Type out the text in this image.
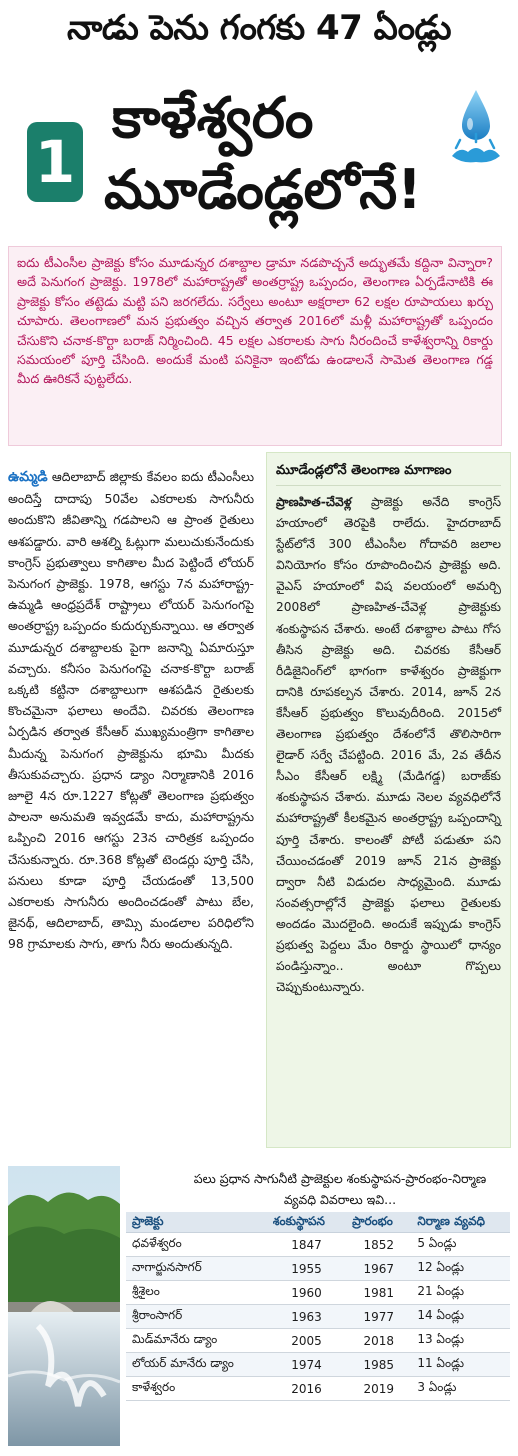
నాడు పెను గంగకు 47 ఏండ్లు
1
కాళేశ్వరం
మూడేండ్లలోనే!

ఐదు టీఎంసీల ప్రాజెక్టు కోసం మూడున్నర దశాబ్దాల డ్రామా నడపొచ్చనే అద్భుతమే కద్దినా విన్నారా? అదే పెనుగంగ ప్రాజెక్టు. 1978లో మహారాష్ట్రతో అంతర్రాష్ట్ర ఒప్పందం, తెలంగాణ ఏర్పడేనాటికి ఈ ప్రాజెక్టు కోసం తట్టెడు మట్టి పని జరగలేదు. సర్వేలు అంటూ అక్షరాలా 62 లక్షల రూపాయలు ఖర్చు చూపారు. తెలంగాణలో మన ప్రభుత్వం వచ్చిన తర్వాత 2016లో మళ్లీ మహారాష్ట్రతో ఒప్పందం చేసుకొని చనాక-కొర్టా బరాజ్ నిర్మించింది. 45 లక్షల ఎకరాలకు సాగు నీరందించే కాళేశ్వరాన్ని రికార్డు సమయంలో పూర్తి చేసింది. అందుకే మంటి పనికైనా ఇంటోడు ఉండాలనే సామెత తెలంగాణ గడ్డ మీద ఊరికనే పుట్టలేదు.

ఉమ్మడి ఆదిలాబాద్ జిల్లాకు కేవలం ఐదు టీఎంసీలు అందిస్తే దాదాపు 50వేల ఎకరాలకు సాగునీరు అందుకొని జీవితాన్ని గడపాలని ఆ ప్రాంత రైతులు ఆశపడ్డారు. వారి ఆశల్ని ఓట్లుగా మలుచుకునేందుకు కాంగ్రెస్ ప్రభుత్వాలు కాగితాల మీద పెట్టిందే లోయర్ పెనుగంగ ప్రాజెక్టు. 1978, ఆగస్టు 7న మహారాష్ట్ర-ఉమ్మడి ఆంధ్రప్రదేశ్ రాష్ట్రాలు లోయర్ పెనుగంగపై అంతర్రాష్ట్ర ఒప్పందం కుదుర్చుకున్నాయి. ఆ తర్వాత మూడున్నర దశాబ్దాలకు పైగా జనాన్ని ఏమారుస్తూ వచ్చారు. కనీసం పెనుగంగపై చనాక-కొర్టా బరాజ్ ఒక్కటి కట్టినా దశాబ్దాలుగా ఆశపడిన రైతులకు కొంచమైనా ఫలాలు అందేవి. చివరకు తెలంగాణ ఏర్పడిన తర్వాత కేసీఆర్ ముఖ్యమంత్రిగా కాగితాల మీదున్న పెనుగంగ ప్రాజెక్టును భూమి మీదకు తీసుకువచ్చారు. ప్రధాన డ్యాం నిర్మాణానికి 2016 జూలై 4న రూ.1227 కోట్లతో తెలంగాణ ప్రభుత్వం పాలనా అనుమతి ఇవ్వడమే కాదు, మహారాష్ట్రను ఒప్పించి 2016 ఆగస్టు 23న చారిత్రక ఒప్పందం చేసుకున్నారు. రూ.368 కోట్లతో టెండర్లు పూర్తి చేసి, పనులు కూడా పూర్తి చేయడంతో 13,500 ఎకరాలకు సాగునీరు అందించడంతో పాటు బేల, జైనథ్, ఆదిలాబాద్, తామ్సి మండలాల పరిధిలోని 98 గ్రామాలకు సాగు, తాగు నీరు అందుతున్నది.

మూడేండ్లలోనే తెలంగాణ మాగాణం

ప్రాణహిత-చేవెళ్ల ప్రాజెక్టు అనేది కాంగ్రెస్ హయాంలో తెరపైకి రాలేదు. హైదరాబాద్ స్టేట్‌లోనే 300 టీఎంసీల గోదావరి జలాల వినియోగం కోసం రూపొందించిన ప్రాజెక్టు అది. వైఎస్ హయాంలో విష వలయంలో అమర్చి 2008లో ప్రాణహిత-చేవెళ్ల ప్రాజెక్టుకు శంకుస్థాపన చేశారు. అంటే దశాబ్దాల పాటు గోస తీసిన ప్రాజెక్టు అది. చివరకు కేసీఆర్ రీడిజైనింగ్‌లో భాగంగా కాళేశ్వరం ప్రాజెక్టుగా దానికి రూపకల్పన చేశారు. 2014, జూన్ 2న కేసీఆర్ ప్రభుత్వం కొలువుదీరింది. 2015లో తెలంగాణ ప్రభుత్వం దేశంలోనే తొలిసారిగా లైడార్ సర్వే చేపట్టింది. 2016 మే, 2వ తేదీన సీఎం కేసీఆర్ లక్ష్మి (మేడిగడ్డ) బరాజ్‌కు శంకుస్థాపన చేశారు. మూడు నెలల వ్యవధిలోనే మహారాష్ట్రతో కీలకమైన అంతర్రాష్ట్ర ఒప్పందాన్ని పూర్తి చేశారు. కాలంతో పోటీ పడుతూ పని చేయించడంతో 2019 జూన్ 21న ప్రాజెక్టు ద్వారా నీటి విడుదల సాధ్యమైంది. మూడు సంవత్సరాల్లోనే ప్రాజెక్టు ఫలాలు రైతులకు అందడం మొదలైంది. అందుకే ఇప్పుడు కాంగ్రెస్ ప్రభుత్వ పెద్దలు మేం రికార్డు స్థాయిలో ధాన్యం పండిస్తున్నాం.. అంటూ గొప్పలు చెప్పుకుంటున్నారు.

పలు ప్రధాన సాగునీటి ప్రాజెక్టుల శంకుస్థాపన-ప్రారంభం-నిర్మాణ వ్యవధి వివరాలు ఇవి...
ప్రాజెక్టు	శంకుస్థాపన	ప్రారంభం	నిర్మాణ వ్యవధి
ధవళేశ్వరం	1847	1852	5 ఏండ్లు
నాగార్జునసాగర్	1955	1967	12 ఏండ్లు
శ్రీశైలం	1960	1981	21 ఏండ్లు
శ్రీరాంసాగర్	1963	1977	14 ఏండ్లు
మిడ్‌మానేరు డ్యాం	2005	2018	13 ఏండ్లు
లోయర్ మానేరు డ్యాం	1974	1985	11 ఏండ్లు
కాళేశ్వరం	2016	2019	3 ఏండ్లు
